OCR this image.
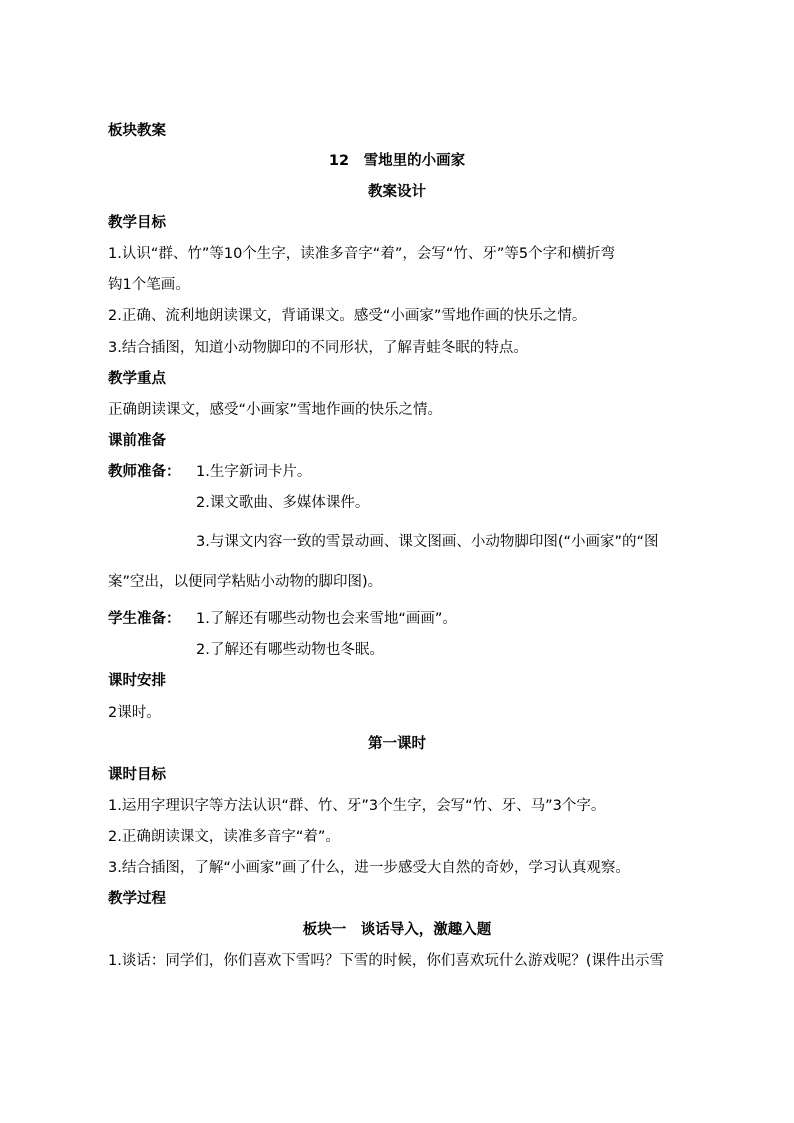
板块教案
12　雪地里的小画家
教案设计
教学目标
1.认识“群、竹”等10个生字，读准多音字“着”，会写“竹、牙”等5个字和横折弯
钩1个笔画。
2.正确、流利地朗读课文，背诵课文。感受“小画家”雪地作画的快乐之情。
3.结合插图，知道小动物脚印的不同形状，了解青蛙冬眠的特点。
教学重点
正确朗读课文，感受“小画家”雪地作画的快乐之情。
课前准备
教师准备：	1.生字新词卡片。
2.课文歌曲、多媒体课件。
3.与课文内容一致的雪景动画、课文图画、小动物脚印图(“小画家”的“图
案”空出，以便同学粘贴小动物的脚印图)。
学生准备：	1.了解还有哪些动物也会来雪地“画画”。
2.了解还有哪些动物也冬眠。
课时安排
2课时。
第一课时
课时目标
1.运用字理识字等方法认识“群、竹、牙”3个生字，会写“竹、牙、马”3个字。
2.正确朗读课文，读准多音字“着”。
3.结合插图，了解“小画家”画了什么，进一步感受大自然的奇妙，学习认真观察。
教学过程
板块一　谈话导入，激趣入题
1.谈话：同学们，你们喜欢下雪吗？下雪的时候，你们喜欢玩什么游戏呢？(课件出示雪
